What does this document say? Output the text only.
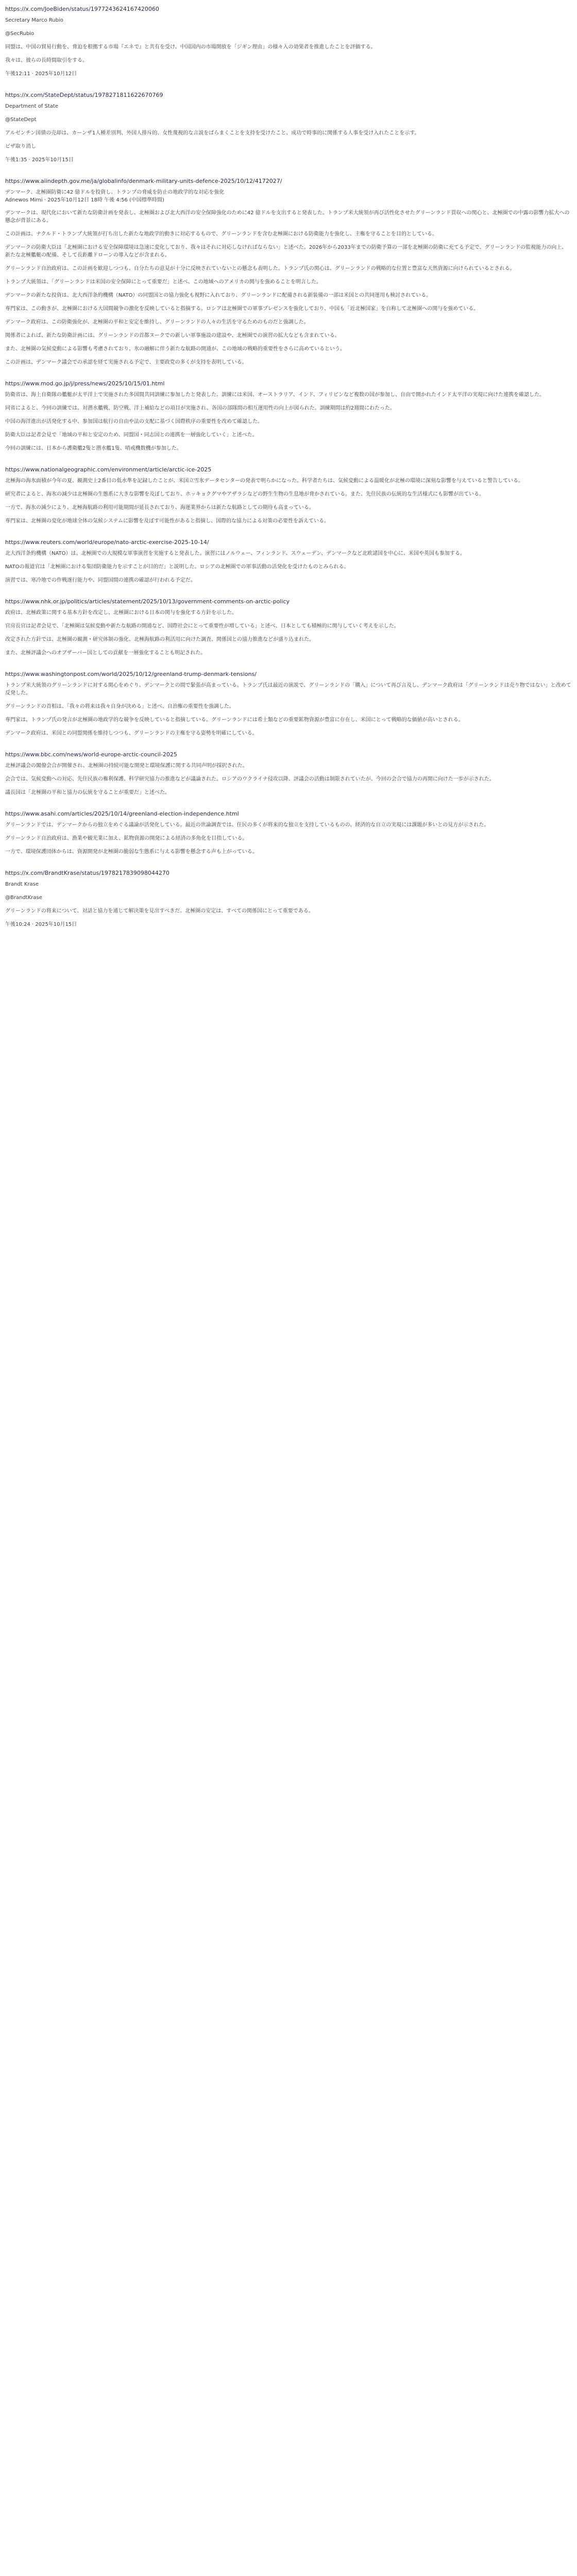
https://x.com/JoeBiden/status/1977243624167420060

Secretary Marco Rubio

@SecRubio

同盟は、中国の貿易行動を、脅迫を根拠する市場『エネで』と共有を受け、中国国内の市場開放を「ジギン理由」の様々入の効果者を推進したことを評価する。

我々は、彼らの長時間取引をする。

午後12:11 · 2025年10月12日

https://x.com/StateDept/status/1978271811622670769

Department of State

@StateDept

アルゼンチン国債の売却は、カーンザ1人種差別判、外国人排斥的、女性蔑視的な言説をばらまくことを支持を受けたこと、成功で時事的に関係する人事を受け入れたことを示す。

ビザ取り消し

午後1:35 · 2025年10月15日

https://www.aiindepth.gov.me/ja/globalinfo/denmark-military-units-defence-2025/10/12/4172027/

デンマーク、北極圏防衛に42 億ドルを投資し、トランプの脅威を防止の地政学的な対応を強化

Adnewos Mirni · 2025年10月12日 18時 午後 4:56 (中国標準時間)

デンマークは、現代化において新たな防衛計画を発表し、北極圏および北大西洋の安全保障強化のために42 億ドルを支出すると発表した。トランプ米大統領が再び活性化させたグリーンランド買収への関心と、北極圏での中露の影響力拡大への懸念が背景にある。

この計画は、ナクルド・トランプ大統領が打ち出した新たな地政学的動きに対応するもので、グリーンランドを含む北極圏における防衛能力を強化し、主権を守ることを目的としている。

デンマークの防衛大臣は「北極圏における安全保障環境は急速に変化しており、我々はそれに対応しなければならない」と述べた。2026年から2033年までの防衛予算の一部を北極圏の防衛に充てる予定で、グリーンランドの監視能力の向上、新たな北極艦艇の配備、そして長距離ドローンの導入などが含まれる。

グリーンランド自治政府は、この計画を歓迎しつつも、自分たちの意見が十分に反映されていないとの懸念も表明した。トランプ氏の関心は、グリーンランドの戦略的な位置と豊富な天然資源に向けられているとされる。

トランプ大統領は、「グリーンランドは米国の安全保障にとって重要だ」と述べ、この地域へのアメリカの関与を強めることを明言した。

デンマークの新たな投資は、北大西洋条約機構（NATO）の同盟国との協力強化も視野に入れており、グリーンランドに配備される新装備の一部は米国との共同運用も検討されている。

専門家は、この動きが、北極圏における大国間競争の激化を反映していると指摘する。ロシアは北極圏での軍事プレゼンスを強化しており、中国も「近北極国家」を自称して北極圏への関与を強めている。

デンマーク政府は、この防衛強化が、北極圏の平和と安定を維持し、グリーンランドの人々の生活を守るためのものだと強調した。

関係者によれば、新たな防衛計画には、グリーンランドの首都ヌークでの新しい軍事施設の建設や、北極圏での演習の拡大なども含まれている。

また、北極圏の気候変動による影響も考慮されており、氷の融解に伴う新たな航路の開通が、この地域の戦略的重要性をさらに高めているという。

この計画は、デンマーク議会での承認を経て実施される予定で、主要政党の多くが支持を表明している。

https://www.mod.go.jp/j/press/news/2025/10/15/01.html

防衛省は、海上自衛隊の艦艇が太平洋上で実施された多国間共同訓練に参加したと発表した。訓練には米国、オーストラリア、インド、フィリピンなど複数の国が参加し、自由で開かれたインド太平洋の実現に向けた連携を確認した。

同省によると、今回の訓練では、対潜水艦戦、防空戦、洋上補給などの項目が実施され、各国の部隊間の相互運用性の向上が図られた。訓練期間は約2週間にわたった。

中国の海洋進出が活発化する中、参加国は航行の自由や法の支配に基づく国際秩序の重要性を改めて確認した。

防衛大臣は記者会見で「地域の平和と安定のため、同盟国・同志国との連携を一層強化していく」と述べた。

今回の訓練には、日本から護衛艦2隻と潜水艦1隻、哨戒機数機が参加した。

https://www.nationalgeographic.com/environment/article/arctic-ice-2025

北極海の海氷面積が今年の夏、観測史上2番目の低水準を記録したことが、米国立雪氷データセンターの発表で明らかになった。科学者たちは、気候変動による温暖化が北極の環境に深刻な影響を与えていると警告している。

研究者によると、海氷の減少は北極圏の生態系に大きな影響を及ぼしており、ホッキョクグマやアザラシなどの野生生物の生息地が脅かされている。また、先住民族の伝統的な生活様式にも影響が出ている。

一方で、海氷の減少により、北極海航路の利用可能期間が延長されており、海運業界からは新たな航路としての期待も高まっている。

専門家は、北極圏の変化が地球全体の気候システムに影響を及ぼす可能性があると指摘し、国際的な協力による対策の必要性を訴えている。

https://www.reuters.com/world/europe/nato-arctic-exercise-2025-10-14/

北大西洋条約機構（NATO）は、北極圏での大規模な軍事演習を実施すると発表した。演習にはノルウェー、フィンランド、スウェーデン、デンマークなど北欧諸国を中心に、米国や英国も参加する。

NATOの報道官は「北極圏における集団防衛能力を示すことが目的だ」と説明した。ロシアの北極圏での軍事活動の活発化を受けたものとみられる。

演習では、寒冷地での作戦遂行能力や、同盟国間の連携の確認が行われる予定だ。

https://www.nhk.or.jp/politics/articles/statement/2025/10/13/government-comments-on-arctic-policy

政府は、北極政策に関する基本方針を改定し、北極圏における日本の関与を強化する方針を示した。

官房長官は記者会見で、「北極圏は気候変動や新たな航路の開通など、国際社会にとって重要性が増している」と述べ、日本としても積極的に関与していく考えを示した。

改定された方針では、北極圏の観測・研究体制の強化、北極海航路の利活用に向けた調査、関係国との協力推進などが盛り込まれた。

また、北極評議会へのオブザーバー国としての貢献を一層強化することも明記された。

https://www.washingtonpost.com/world/2025/10/12/greenland-trump-denmark-tensions/

トランプ米大統領のグリーンランドに対する関心をめぐり、デンマークとの間で緊張が高まっている。トランプ氏は最近の演説で、グリーンランドの「購入」について再び言及し、デンマーク政府は「グリーンランドは売り物ではない」と改めて反発した。

グリーンランドの首相は、「我々の将来は我々自身が決める」と述べ、自治権の重要性を強調した。

専門家は、トランプ氏の発言が北極圏の地政学的な競争を反映していると指摘している。グリーンランドには希土類などの重要鉱物資源が豊富に存在し、米国にとって戦略的な価値が高いとされる。

デンマーク政府は、米国との同盟関係を維持しつつも、グリーンランドの主権を守る姿勢を明確にしている。

https://www.bbc.com/news/world-europe-arctic-council-2025

北極評議会の閣僚会合が開催され、北極圏の持続可能な開発と環境保護に関する共同声明が採択された。

会合では、気候変動への対応、先住民族の権利保護、科学研究協力の推進などが議論された。ロシアのウクライナ侵攻以降、評議会の活動は制限されていたが、今回の会合で協力の再開に向けた一歩が示された。

議長国は「北極圏の平和と協力の伝統を守ることが重要だ」と述べた。

https://www.asahi.com/articles/2025/10/14/greenland-election-independence.html

グリーンランドでは、デンマークからの独立をめぐる議論が活発化している。最近の世論調査では、住民の多くが将来的な独立を支持しているものの、経済的な自立の実現には課題が多いとの見方が示された。

グリーンランド自治政府は、漁業や観光業に加え、鉱物資源の開発による経済の多角化を目指している。

一方で、環境保護団体からは、資源開発が北極圏の脆弱な生態系に与える影響を懸念する声も上がっている。

https://x.com/BrandtKrase/status/1978217839098044270

Brandt Krase

@BrandtKrase

グリーンランドの将来について、対話と協力を通じて解決策を見出すべきだ。北極圏の安定は、すべての関係国にとって重要である。

午後10:24 · 2025年10月15日
